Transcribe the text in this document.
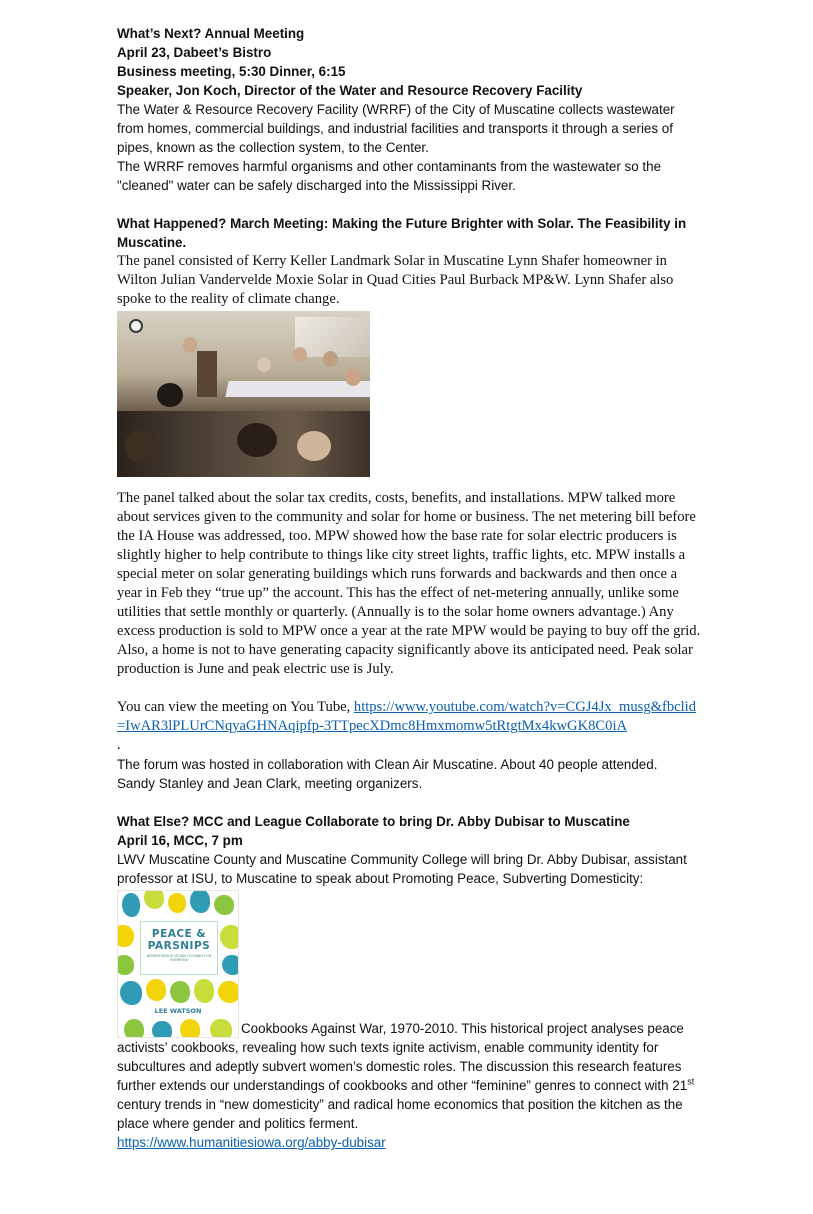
What’s Next? Annual Meeting

April 23, Dabeet’s Bistro

Business meeting, 5:30 Dinner, 6:15

Speaker, Jon Koch, Director of the Water and Resource Recovery Facility

The Water & Resource Recovery Facility (WRRF) of the City of Muscatine collects wastewater from homes, commercial buildings, and industrial facilities and transports it through a series of pipes, known as the collection system, to the Center.

The WRRF removes harmful organisms and other contaminants from the wastewater so the "cleaned" water can be safely discharged into the Mississippi River.

What Happened? March Meeting: Making the Future Brighter with Solar. The Feasibility in Muscatine.

The panel consisted of Kerry Keller Landmark Solar in Muscatine Lynn Shafer homeowner in Wilton Julian Vandervelde Moxie Solar in Quad Cities Paul Burback MP&W. Lynn Shafer also spoke to the reality of climate change.

The panel talked about the solar tax credits, costs, benefits, and installations. MPW talked more about services given to the community and solar for home or business. The net metering bill before the IA House was addressed, too. MPW showed how the base rate for solar electric producers is slightly higher to help contribute to things like city street lights, traffic lights, etc. MPW installs a special meter on solar generating buildings which runs forwards and backwards and then once a year in Feb they “true up” the account. This has the effect of net-metering annually, unlike some utilities that settle monthly or quarterly. (Annually is to the solar home owners advantage.) Any excess production is sold to MPW once a year at the rate MPW would be paying to buy off the grid. Also, a home is not to have generating capacity significantly above its anticipated need. Peak solar production is June and peak electric use is July.

You can view the meeting on You Tube, https://www.youtube.com/watch?v=CGJ4Jx_musg&fbclid=IwAR3lPLUrCNqyaGHNAqipfp-3TTpecXDmc8Hmxmomw5tRtgtMx4kwGK8C0iA

.

The forum was hosted in collaboration with Clean Air Muscatine. About 40 people attended.

Sandy Stanley and Jean Clark, meeting organizers.

What Else? MCC and League Collaborate to bring Dr. Abby Dubisar to Muscatine

April 16, MCC, 7 pm

LWV Muscatine County and Muscatine Community College will bring Dr. Abby Dubisar, assistant

professor at ISU, to Muscatine to speak about Promoting Peace, Subverting Domesticity:

PEACE & PARSNIPS
ADVENTUROUS VEGAN COOKING FOR EVERYONE
LEE WATSON

Cookbooks Against War, 1970-2010. This historical project analyses peace activists’ cookbooks, revealing how such texts ignite activism, enable community identity for subcultures and adeptly subvert women’s domestic roles. The discussion this research features further extends our understandings of cookbooks and other “feminine” genres to connect with 21st century trends in “new domesticity” and radical home economics that position the kitchen as the place where gender and politics ferment.

https://www.humanitiesiowa.org/abby-dubisar
